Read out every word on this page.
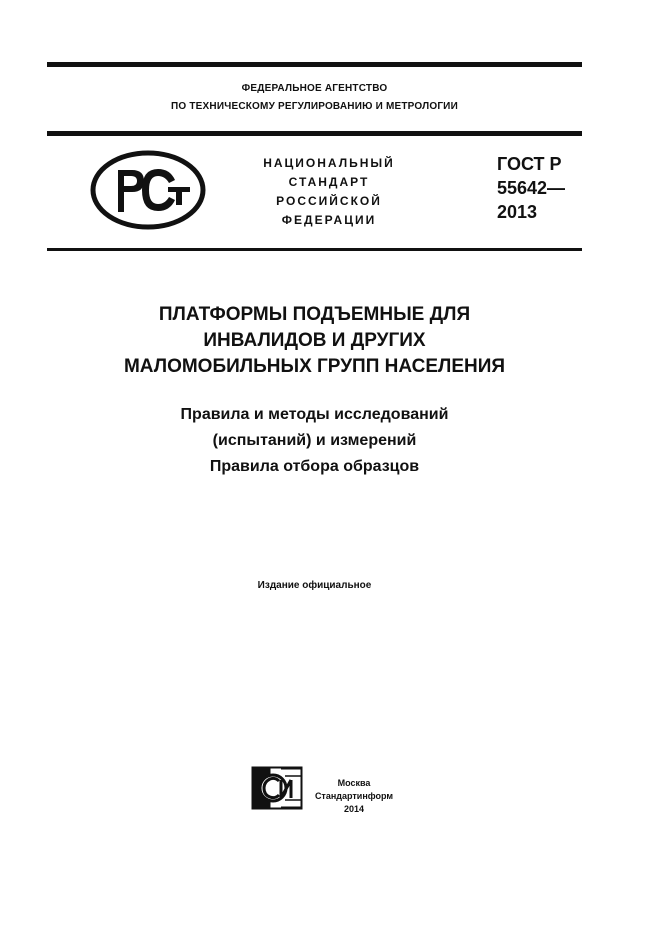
ФЕДЕРАЛЬНОЕ АГЕНТСТВО
ПО ТЕХНИЧЕСКОМУ РЕГУЛИРОВАНИЮ И МЕТРОЛОГИИ
НАЦИОНАЛЬНЫЙ
СТАНДАРТ
РОССИЙСКОЙ
ФЕДЕРАЦИИ
ГОСТ Р
55642—
2013
ПЛАТФОРМЫ ПОДЪЕМНЫЕ ДЛЯ
ИНВАЛИДОВ И ДРУГИХ
МАЛОМОБИЛЬНЫХ ГРУПП НАСЕЛЕНИЯ
Правила и методы исследований
(испытаний) и измерений
Правила отбора образцов
Издание официальное
Москва
Стандартинформ
2014
